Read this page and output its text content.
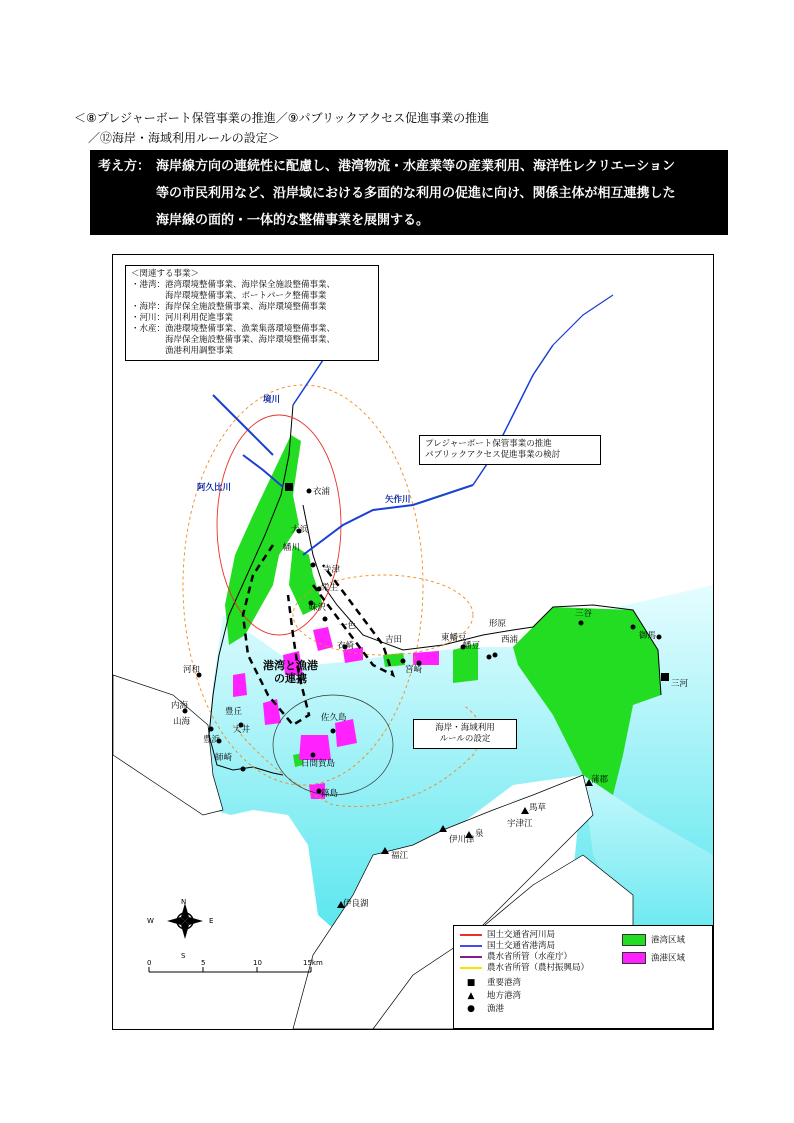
＜⑧プレジャーボート保管事業の推進／⑨パブリックアクセス促進事業の推進
／⑫海岸・海域利用ルールの設定＞
考え方： 海岸線方向の連続性に配慮し、港湾物流・水産業等の産業利用、海洋性レクリエーション
等の市民利用など、沿岸域における多面的な利用の促進に向け、関係主体が相互連携した
海岸線の面的・一体的な整備事業を展開する。
衣浦
大浜
幡川
寺津
栄生
味沢
一色
衣崎
吉田
宮崎
東幡豆
幡豆
形原
西浦
三谷
御馬
三河
河和
内海
山海
豊丘
大井
豊浜
師崎
佐久島
日間賀島
篠島
蒲郡
馬草
宇津江
泉
伊川津
福江
伊良湖
境川
阿久比川
矢作川
港湾と漁港
の連携
N
S
E
W
0	5	10	15km
＜関連する事業＞
・港湾：港湾環境整備事業、海岸保全施設整備事業、
　　　　海岸環境整備事業、ボートパーク整備事業
・海岸：海岸保全施設整備事業、海岸環境整備事業
・河川：河川利用促進事業
・水産：漁港環境整備事業、漁業集落環境整備事業、
　　　　海岸保全施設整備事業、海岸環境整備事業、
　　　　漁港利用調整事業
プレジャーボート保管事業の推進
パブリックアクセス促進事業の検討
海岸・海域利用
ルールの設定
国土交通省河川局
国土交通省港湾局
農水省所管（水産庁）
農水省所管（農村振興局）
■ 重要港湾
▲ 地方港湾
● 漁港
港湾区域
漁港区域
